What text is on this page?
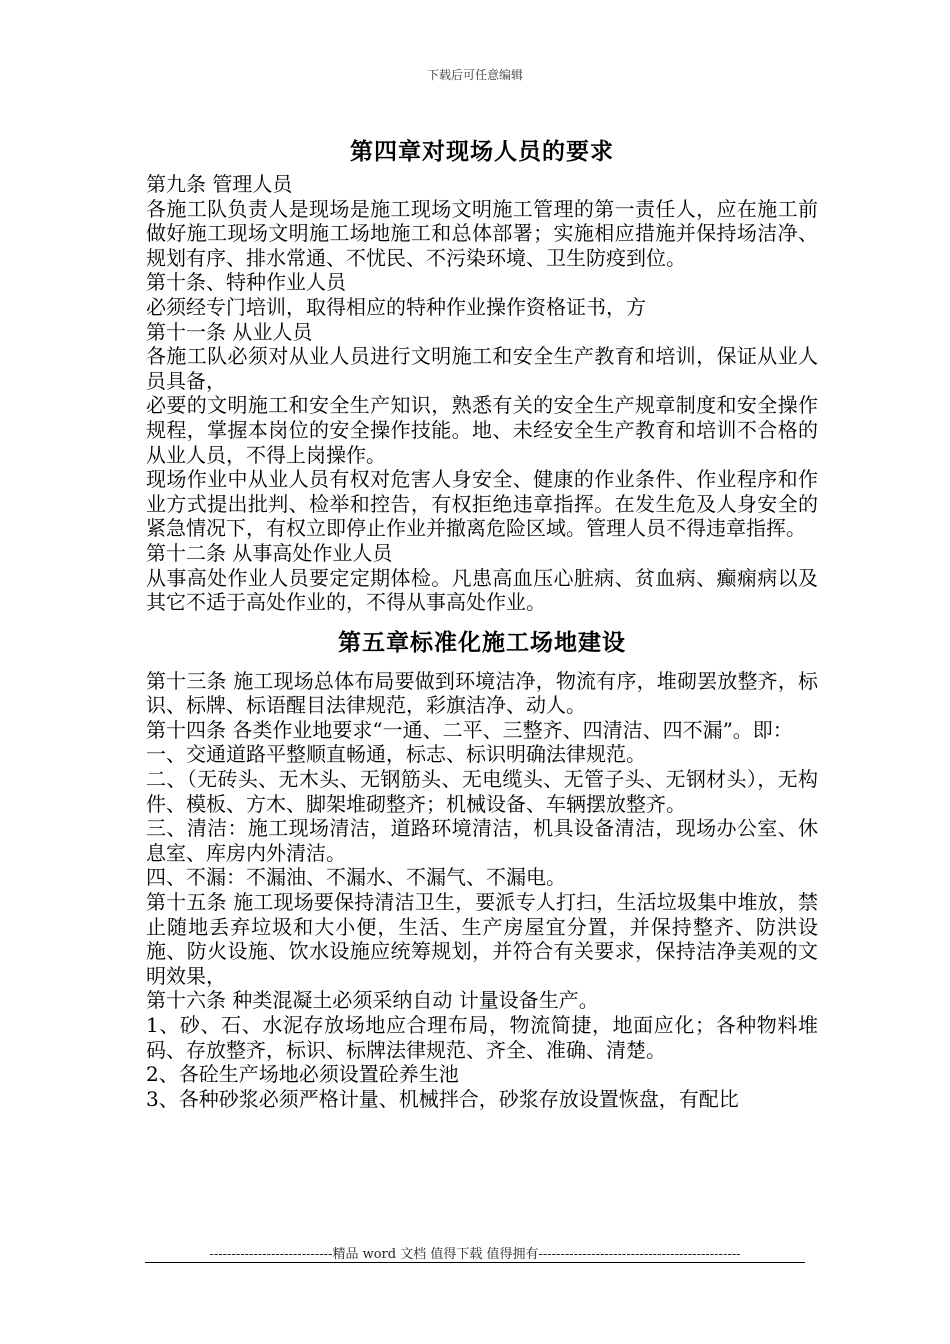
下载后可任意编辑
第四章对现场人员的要求

第九条 管理人员

各施工队负责人是现场是施工现场文明施工管理的第一责任人，应在施工前做好施工现场文明施工场地施工和总体部署；实施相应措施并保持场洁净、规划有序、排水常通、不忧民、不污染环境、卫生防疫到位。

第十条、特种作业人员

必须经专门培训，取得相应的特种作业操作资格证书，方

第十一条 从业人员

各施工队必须对从业人员进行文明施工和安全生产教育和培训，保证从业人员具备，

必要的文明施工和安全生产知识，熟悉有关的安全生产规章制度和安全操作规程，掌握本岗位的安全操作技能。地、未经安全生产教育和培训不合格的从业人员，不得上岗操作。

现场作业中从业人员有权对危害人身安全、健康的作业条件、作业程序和作业方式提出批判、检举和控告，有权拒绝违章指挥。在发生危及人身安全的紧急情况下，有权立即停止作业并撤离危险区域。管理人员不得违章指挥。

第十二条 从事高处作业人员

从事高处作业人员要定定期体检。凡患高血压心脏病、贫血病、癫痫病以及其它不适于高处作业的，不得从事高处作业。

第五章标准化施工场地建设

第十三条 施工现场总体布局要做到环境洁净，物流有序，堆砌罢放整齐，标识、标牌、标语醒目法律规范，彩旗洁净、动人。

第十四条 各类作业地要求“一通、二平、三整齐、四清洁、四不漏”。即：

一、交通道路平整顺直畅通，标志、标识明确法律规范。

二、（无砖头、无木头、无钢筋头、无电缆头、无管子头、无钢材头），无构件、模板、方木、脚架堆砌整齐；机械设备、车辆摆放整齐。

三、清洁：施工现场清洁，道路环境清洁，机具设备清洁，现场办公室、休息室、库房内外清洁。

四、不漏：不漏油、不漏水、不漏气、不漏电。

第十五条 施工现场要保持清洁卫生，要派专人打扫，生活垃圾集中堆放，禁止随地丢弃垃圾和大小便，生活、生产房屋宜分置，并保持整齐、防洪设施、防火设施、饮水设施应统筹规划，并符合有关要求，保持洁净美观的文明效果，

第十六条 种类混凝土必须采纳自动 计量设备生产。

1、砂、石、水泥存放场地应合理布局，物流简捷，地面应化；各种物料堆码、存放整齐，标识、标牌法律规范、齐全、准确、清楚。

2、各砼生产场地必须设置砼养生池

3、各种砂浆必须严格计量、机械拌合，砂浆存放设置恢盘，有配比

----------------------------精品 word 文档 值得下载 值得拥有----------------------------------------------
